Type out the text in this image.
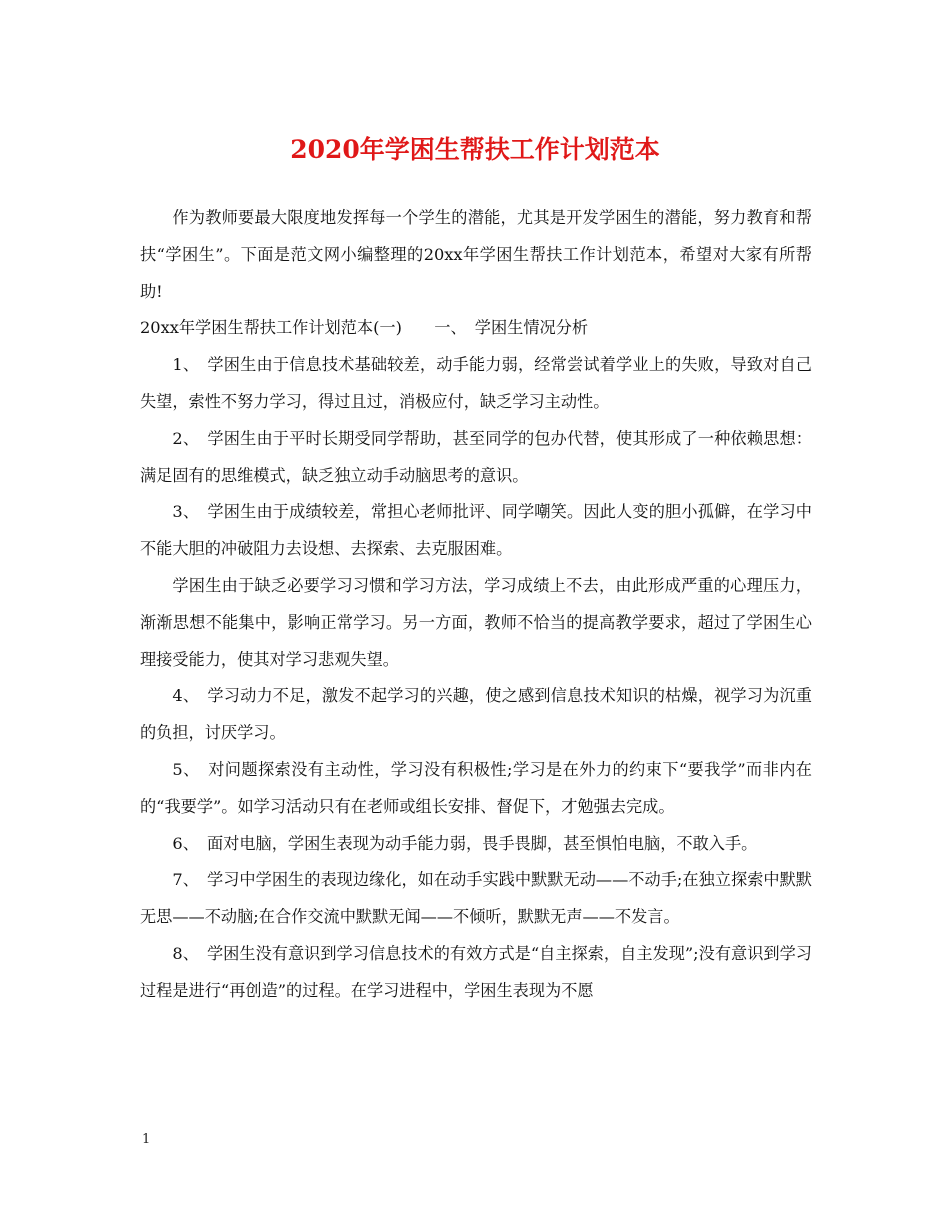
2020年学困生帮扶工作计划范本

作为教师要最大限度地发挥每一个学生的潜能，尤其是开发学困生的潜能，努力教育和帮扶“学困生”。下面是范文网小编整理的20xx年学困生帮扶工作计划范本，希望对大家有所帮助!

20xx年学困生帮扶工作计划范本(一)　　一、　学困生情况分析

1、　学困生由于信息技术基础较差，动手能力弱，经常尝试着学业上的失败，导致对自己失望，索性不努力学习，得过且过，消极应付，缺乏学习主动性。

2、　学困生由于平时长期受同学帮助，甚至同学的包办代替，使其形成了一种依赖思想：满足固有的思维模式，缺乏独立动手动脑思考的意识。

3、　学困生由于成绩较差，常担心老师批评、同学嘲笑。因此人变的胆小孤僻，在学习中不能大胆的冲破阻力去设想、去探索、去克服困难。

学困生由于缺乏必要学习习惯和学习方法，学习成绩上不去，由此形成严重的心理压力，渐渐思想不能集中，影响正常学习。另一方面，教师不恰当的提高教学要求，超过了学困生心理接受能力，使其对学习悲观失望。

4、　学习动力不足，激发不起学习的兴趣，使之感到信息技术知识的枯燥，视学习为沉重的负担，讨厌学习。

5、　对问题探索没有主动性，学习没有积极性;学习是在外力的约束下“要我学”而非内在的“我要学”。如学习活动只有在老师或组长安排、督促下，才勉强去完成。

6、　面对电脑，学困生表现为动手能力弱，畏手畏脚，甚至惧怕电脑，不敢入手。

7、　学习中学困生的表现边缘化，如在动手实践中默默无动——不动手;在独立探索中默默无思——不动脑;在合作交流中默默无闻——不倾听，默默无声——不发言。

8、　学困生没有意识到学习信息技术的有效方式是“自主探索，自主发现”;没有意识到学习过程是进行“再创造”的过程。在学习进程中，学困生表现为不愿

1
